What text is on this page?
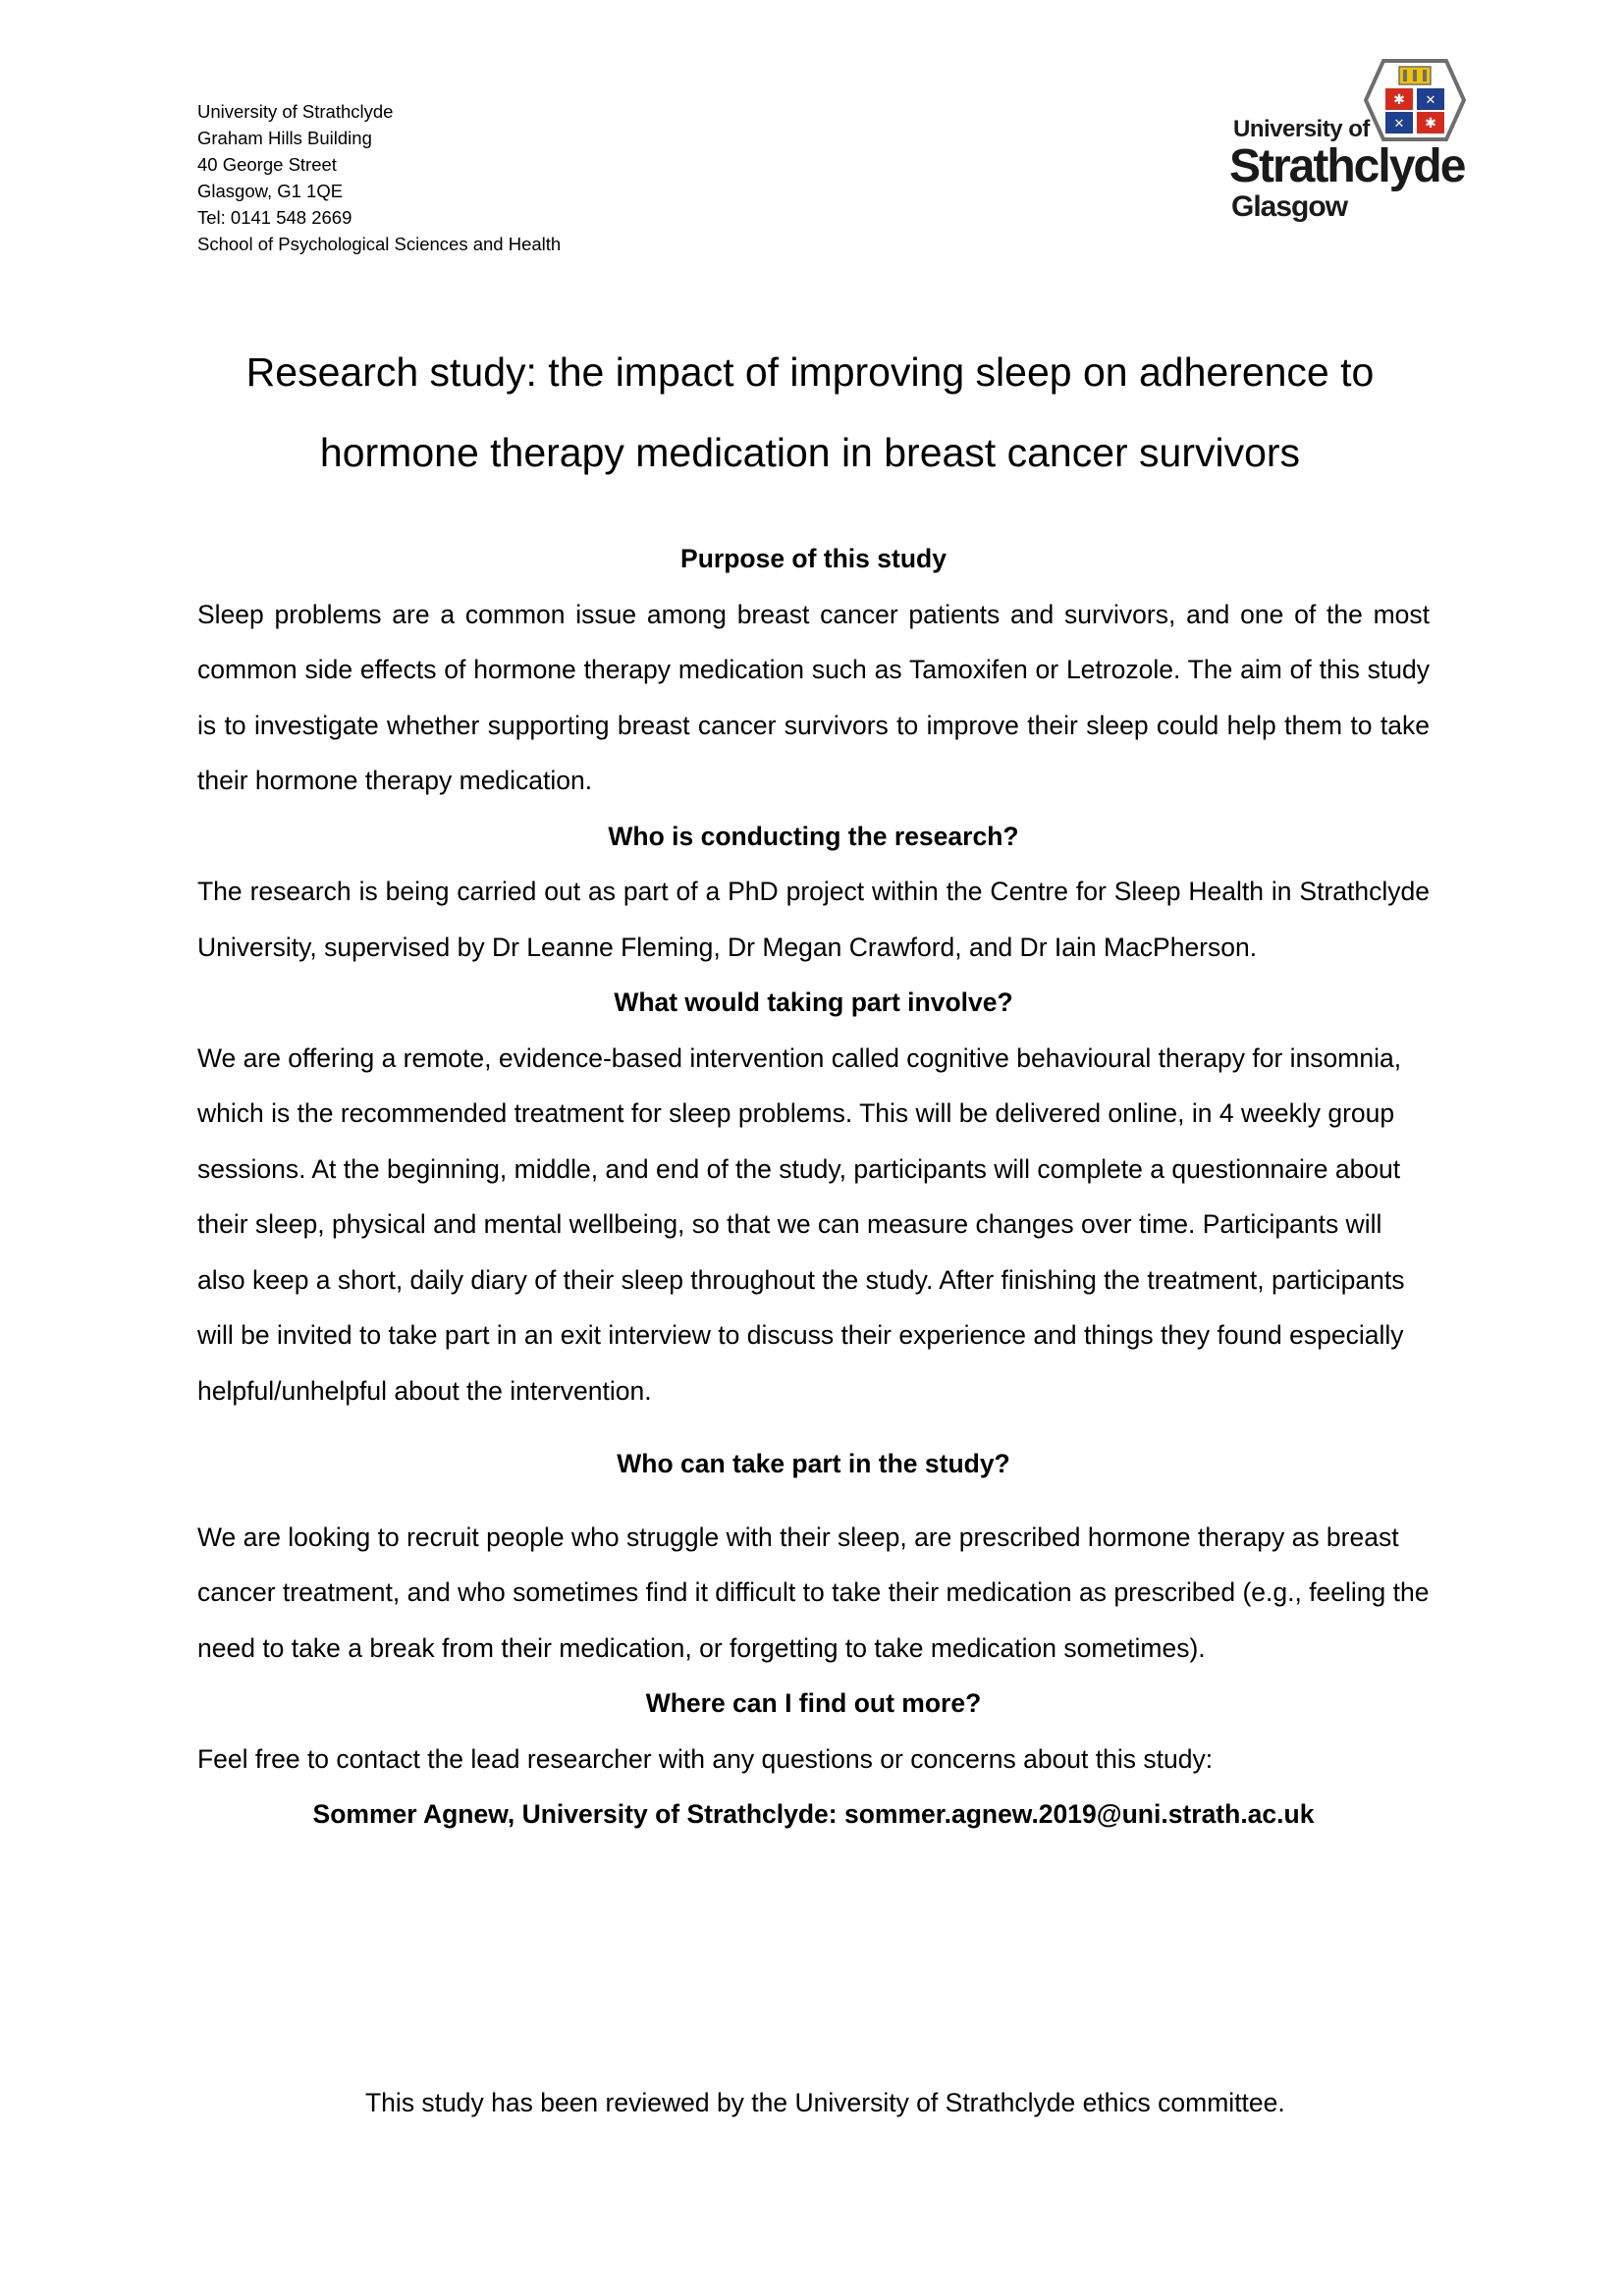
University of Strathclyde
Graham Hills Building
40 George Street
Glasgow, G1 1QE
Tel: 0141 548 2669
School of Psychological Sciences and Health
✱
✱
✕
✕
University of
Strathclyde
Glasgow
Research study: the impact of improving sleep on adherence to
hormone therapy medication in breast cancer survivors

Purpose of this study

Sleep problems are a common issue among breast cancer patients and survivors, and one of the most common side effects of hormone therapy medication such as Tamoxifen or Letrozole. The aim of this study is to investigate whether supporting breast cancer survivors to improve their sleep could help them to take their hormone therapy medication.

Who is conducting the research?

The research is being carried out as part of a PhD project within the Centre for Sleep Health in Strathclyde University, supervised by Dr Leanne Fleming, Dr Megan Crawford, and Dr Iain MacPherson.

What would taking part involve?

We are offering a remote, evidence-based intervention called cognitive behavioural therapy for insomnia, which is the recommended treatment for sleep problems. This will be delivered online, in 4 weekly group sessions. At the beginning, middle, and end of the study, participants will complete a questionnaire about their sleep, physical and mental wellbeing, so that we can measure changes over time. Participants will also keep a short, daily diary of their sleep throughout the study. After finishing the treatment, participants will be invited to take part in an exit interview to discuss their experience and things they found especially helpful/unhelpful about the intervention.

Who can take part in the study?

We are looking to recruit people who struggle with their sleep, are prescribed hormone therapy as breast cancer treatment, and who sometimes find it difficult to take their medication as prescribed (e.g., feeling the need to take a break from their medication, or forgetting to take medication sometimes).

Where can I find out more?

Feel free to contact the lead researcher with any questions or concerns about this study:

Sommer Agnew, University of Strathclyde: sommer.agnew.2019@uni.strath.ac.uk

This study has been reviewed by the University of Strathclyde ethics committee.
